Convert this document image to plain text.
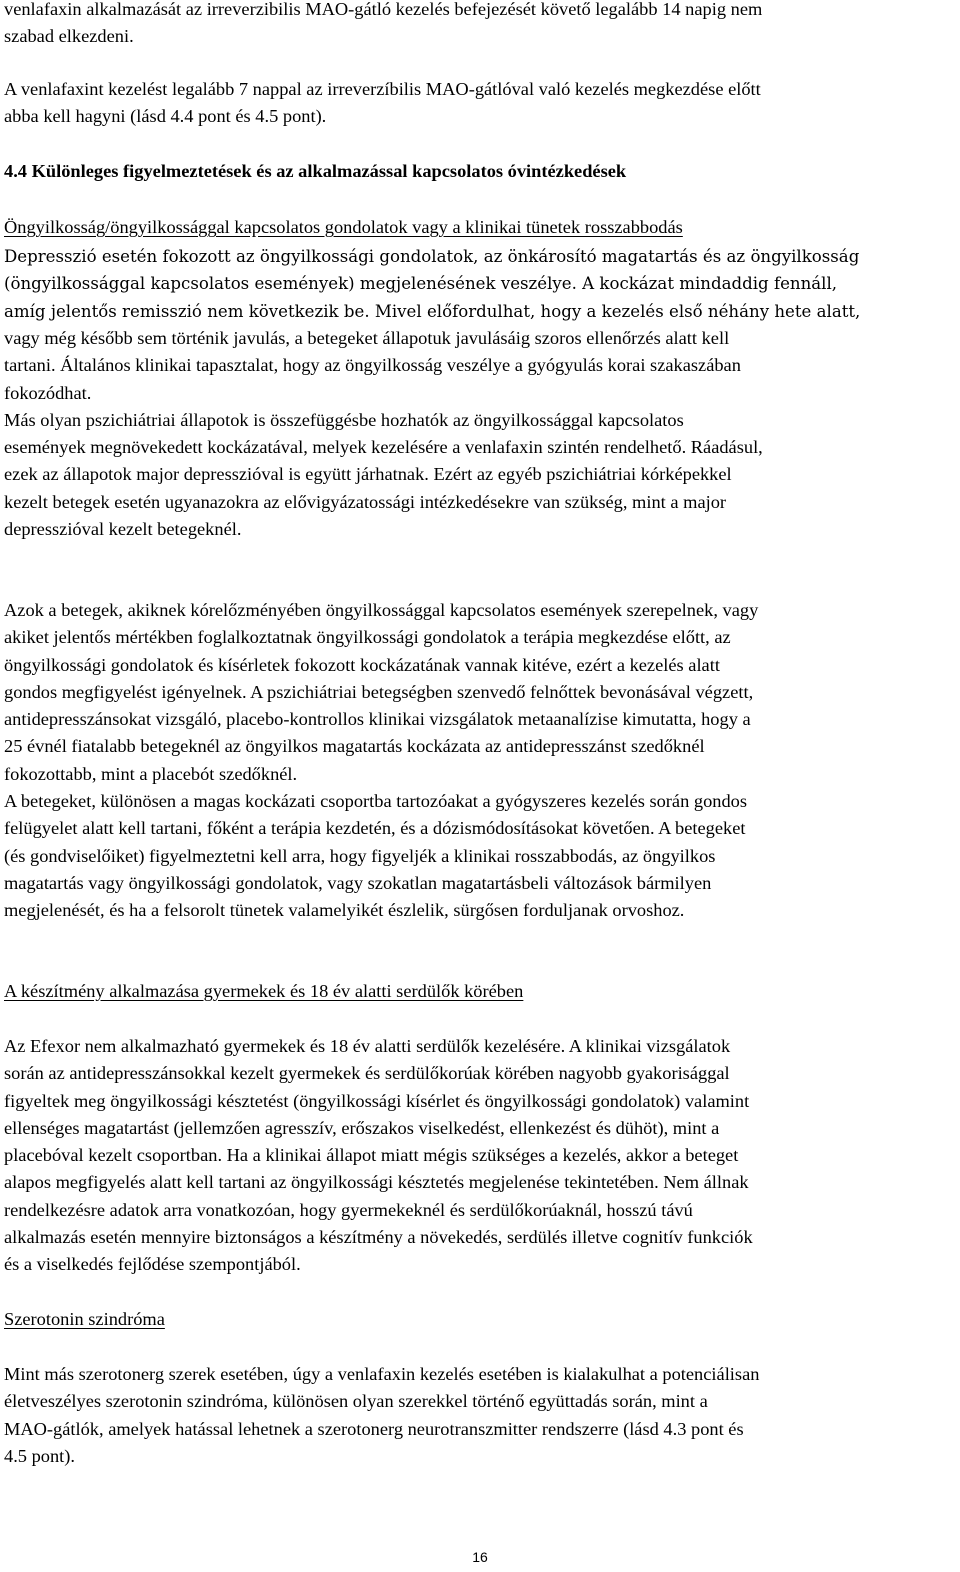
venlafaxin alkalmazását az irreverzibilis MAO-gátló kezelés befejezését követő legalább 14 napig nem
szabad elkezdeni.
A venlafaxint kezelést legalább 7 nappal az irreverzíbilis MAO-gátlóval való kezelés megkezdése előtt
abba kell hagyni (lásd 4.4 pont és 4.5 pont).
4.4 Különleges figyelmeztetések és az alkalmazással kapcsolatos óvintézkedések
Öngyilkosság/öngyilkossággal kapcsolatos gondolatok vagy a klinikai tünetek rosszabbodás
Depresszió esetén fokozott az öngyilkossági gondolatok, az önkárosító magatartás és az öngyilkosság
(öngyilkossággal kapcsolatos események) megjelenésének veszélye. A kockázat mindaddig fennáll,
amíg jelentős remisszió nem következik be. Mivel előfordulhat, hogy a kezelés első néhány hete alatt,
vagy még később sem történik javulás, a betegeket állapotuk javulásáig szoros ellenőrzés alatt kell
tartani. Általános klinikai tapasztalat, hogy az öngyilkosság veszélye a gyógyulás korai szakaszában
fokozódhat.
Más olyan pszichiátriai állapotok is összefüggésbe hozhatók az öngyilkossággal kapcsolatos
események megnövekedett kockázatával, melyek kezelésére a venlafaxin szintén rendelhető. Ráadásul,
ezek az állapotok major depresszióval is együtt járhatnak. Ezért az egyéb pszichiátriai kórképekkel
kezelt betegek esetén ugyanazokra az elővigyázatossági intézkedésekre van szükség, mint a major
depresszióval kezelt betegeknél.
Azok a betegek, akiknek kórelőzményében öngyilkossággal kapcsolatos események szerepelnek, vagy
akiket jelentős mértékben foglalkoztatnak öngyilkossági gondolatok a terápia megkezdése előtt, az
öngyilkossági gondolatok és kísérletek fokozott kockázatának vannak kitéve, ezért a kezelés alatt
gondos megfigyelést igényelnek. A pszichiátriai betegségben szenvedő felnőttek bevonásával végzett,
antidepresszánsokat vizsgáló, placebo-kontrollos klinikai vizsgálatok metaanalízise kimutatta, hogy a
25 évnél fiatalabb betegeknél az öngyilkos magatartás kockázata az antidepresszánst szedőknél
fokozottabb, mint a placebót szedőknél.
A betegeket, különösen a magas kockázati csoportba tartozóakat a gyógyszeres kezelés során gondos
felügyelet alatt kell tartani, főként a terápia kezdetén, és a dózismódosításokat követően. A betegeket
(és gondviselőiket) figyelmeztetni kell arra, hogy figyeljék a klinikai rosszabbodás, az öngyilkos
magatartás vagy öngyilkossági gondolatok, vagy szokatlan magatartásbeli változások bármilyen
megjelenését, és ha a felsorolt tünetek valamelyikét észlelik, sürgősen forduljanak orvoshoz.
A készítmény alkalmazása gyermekek és 18 év alatti serdülők körében
Az Efexor nem alkalmazható gyermekek és 18 év alatti serdülők kezelésére. A klinikai vizsgálatok
során az antidepresszánsokkal kezelt gyermekek és serdülőkorúak körében nagyobb gyakorisággal
figyeltek meg öngyilkossági késztetést (öngyilkossági kísérlet és öngyilkossági gondolatok) valamint
ellenséges magatartást (jellemzően agresszív, erőszakos viselkedést, ellenkezést és dühöt), mint a
placebóval kezelt csoportban. Ha a klinikai állapot miatt mégis szükséges a kezelés, akkor a beteget
alapos megfigyelés alatt kell tartani az öngyilkossági késztetés megjelenése tekintetében. Nem állnak
rendelkezésre adatok arra vonatkozóan, hogy gyermekeknél és serdülőkorúaknál, hosszú távú
alkalmazás esetén mennyire biztonságos a készítmény a növekedés, serdülés illetve cognitív funkciók
és a viselkedés fejlődése szempontjából.
Szerotonin szindróma
Mint más szerotonerg szerek esetében, úgy a venlafaxin kezelés esetében is kialakulhat a potenciálisan
életveszélyes szerotonin szindróma, különösen olyan szerekkel történő együttadás során, mint a
MAO-gátlók, amelyek hatással lehetnek a szerotonerg neurotranszmitter rendszerre (lásd 4.3 pont és
4.5 pont).
16
